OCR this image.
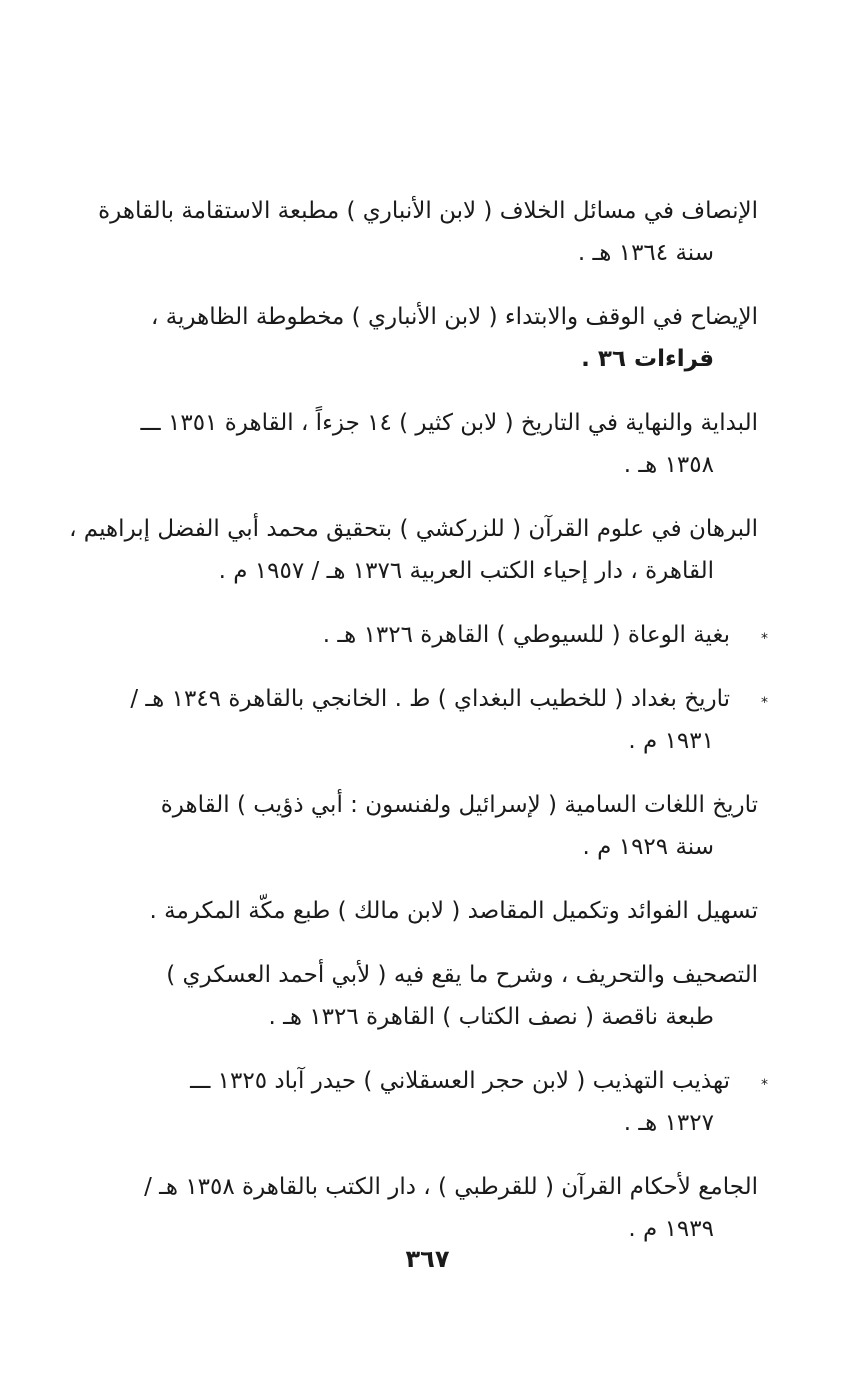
الإنصاف في مسائل الخلاف ( لابن الأنباري ) مطبعة الاستقامة بالقاهرة
سنة ١٣٦٤ هـ .
الإيضاح في الوقف والابتداء ( لابن الأنباري ) مخطوطة الظاهرية ،
قراءات ٣٦ .
البداية والنهاية في التاريخ ( لابن كثير ) ١٤ جزءاً ، القاهرة ١٣٥١ ـــ
١٣٥٨ هـ .
البرهان في علوم القرآن ( للزركشي ) بتحقيق محمد أبي الفضل إبراهيم ،
القاهرة ، دار إحياء الكتب العربية ١٣٧٦ هـ / ١٩٥٧ م .
*
بغية الوعاة ( للسيوطي ) القاهرة ١٣٢٦ هـ .
*
تاريخ بغداد ( للخطيب البغداي ) ط . الخانجي بالقاهرة ١٣٤٩ هـ /
١٩٣١ م .
تاريخ اللغات السامية ( لإسرائيل ولفنسون : أبي ذؤيب ) القاهرة
سنة ١٩٢٩ م .
تسهيل الفوائد وتكميل المقاصد ( لابن مالك ) طبع مكّة المكرمة .
التصحيف والتحريف ، وشرح ما يقع فيه ( لأبي أحمد العسكري )
طبعة ناقصة ( نصف الكتاب ) القاهرة ١٣٢٦ هـ .
*
تهذيب التهذيب ( لابن حجر العسقلاني ) حيدر آباد ١٣٢٥ ـــ
١٣٢٧ هـ .
الجامع لأحكام القرآن ( للقرطبي ) ، دار الكتب بالقاهرة ١٣٥٨ هـ /
١٩٣٩ م .
٣٦٧
